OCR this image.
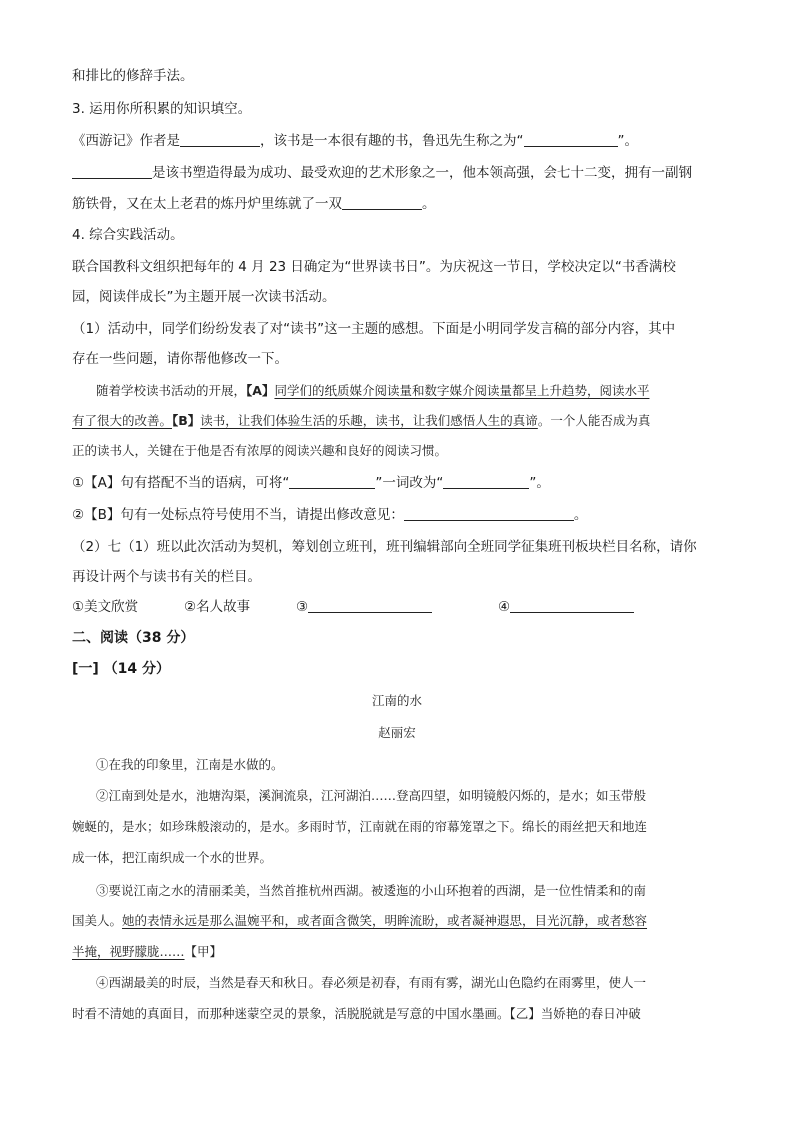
和排比的修辞手法。
3. 运用你所积累的知识填空。
《西游记》作者是	，该书是一本很有趣的书，鲁迅先生称之为“	”。
是该书塑造得最为成功、最受欢迎的艺术形象之一，他本领高强，会七十二变，拥有一副钢
筋铁骨，又在太上老君的炼丹炉里练就了一双	。
4. 综合实践活动。
联合国教科文组织把每年的 4 月 23 日确定为“世界读书日”。为庆祝这一节日，学校决定以“书香满校
园，阅读伴成长”为主题开展一次读书活动。
（1）活动中，同学们纷纷发表了对“读书”这一主题的感想。下面是小明同学发言稿的部分内容，其中
存在一些问题，请你帮他修改一下。
随着学校读书活动的开展，【A】同学们的纸质媒介阅读量和数字媒介阅读量都呈上升趋势，阅读水平
有了很大的改善。【B】读书，让我们体验生活的乐趣，读书，让我们感悟人生的真谛。一个人能否成为真
正的读书人，关键在于他是否有浓厚的阅读兴趣和良好的阅读习惯。
①【A】句有搭配不当的语病，可将“	”一词改为“	”。
②【B】句有一处标点符号使用不当，请提出修改意见：	。
（2）七（1）班以此次活动为契机，筹划创立班刊，班刊编辑部向全班同学征集班刊板块栏目名称，请你
再设计两个与读书有关的栏目。
①美文欣赏	②名人故事	③	④
二、阅读（38 分）
[一] （14 分）
江南的水
赵丽宏
①在我的印象里，江南是水做的。
②江南到处是水，池塘沟渠，溪涧流泉，江河湖泊……登高四望，如明镜般闪烁的，是水；如玉带般
婉蜒的，是水；如珍珠般滚动的，是水。多雨时节，江南就在雨的帘幕笼罩之下。绵长的雨丝把天和地连
成一体，把江南织成一个水的世界。
③要说江南之水的清丽柔美，当然首推杭州西湖。被逶迤的小山环抱着的西湖，是一位性情柔和的南
国美人。她的表情永远是那么温婉平和，或者面含微笑，明眸流盼，或者凝神遐思，目光沉静，或者愁容
半掩，视野朦胧……【甲】
④西湖最美的时辰，当然是春天和秋日。春必须是初春，有雨有雾，湖光山色隐约在雨雾里，使人一
时看不清她的真面目，而那种迷蒙空灵的景象，活脱脱就是写意的中国水墨画。【乙】当娇艳的春日冲破
